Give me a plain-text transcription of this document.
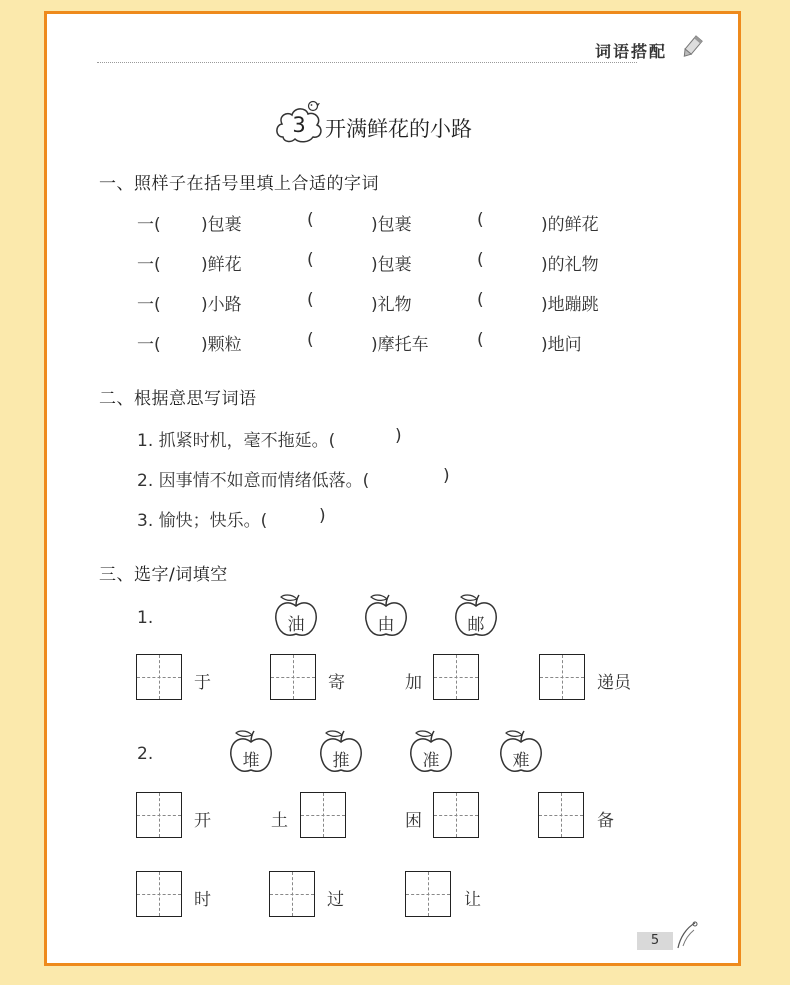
词语搭配
3 开满鲜花的小路
一、照样子在括号里填上合适的字词
一( )包裹	(	)包裹	(	)的鲜花
一( )鲜花	(	)包裹	(	)的礼物
一( )小路	(	)礼物	(	)地蹦跳
一( )颗粒	(	)摩托车	(	)地问
二、根据意思写词语
1. 抓紧时机，毫不拖延。(	)
2. 因事情不如意而情绪低落。(	)
3. 愉快；快乐。(	)
三、选字/词填空
1.	油	由	邮
于	寄	加	递员
2.	堆	推	准	难
开	土	困	备
时	过	让
5
